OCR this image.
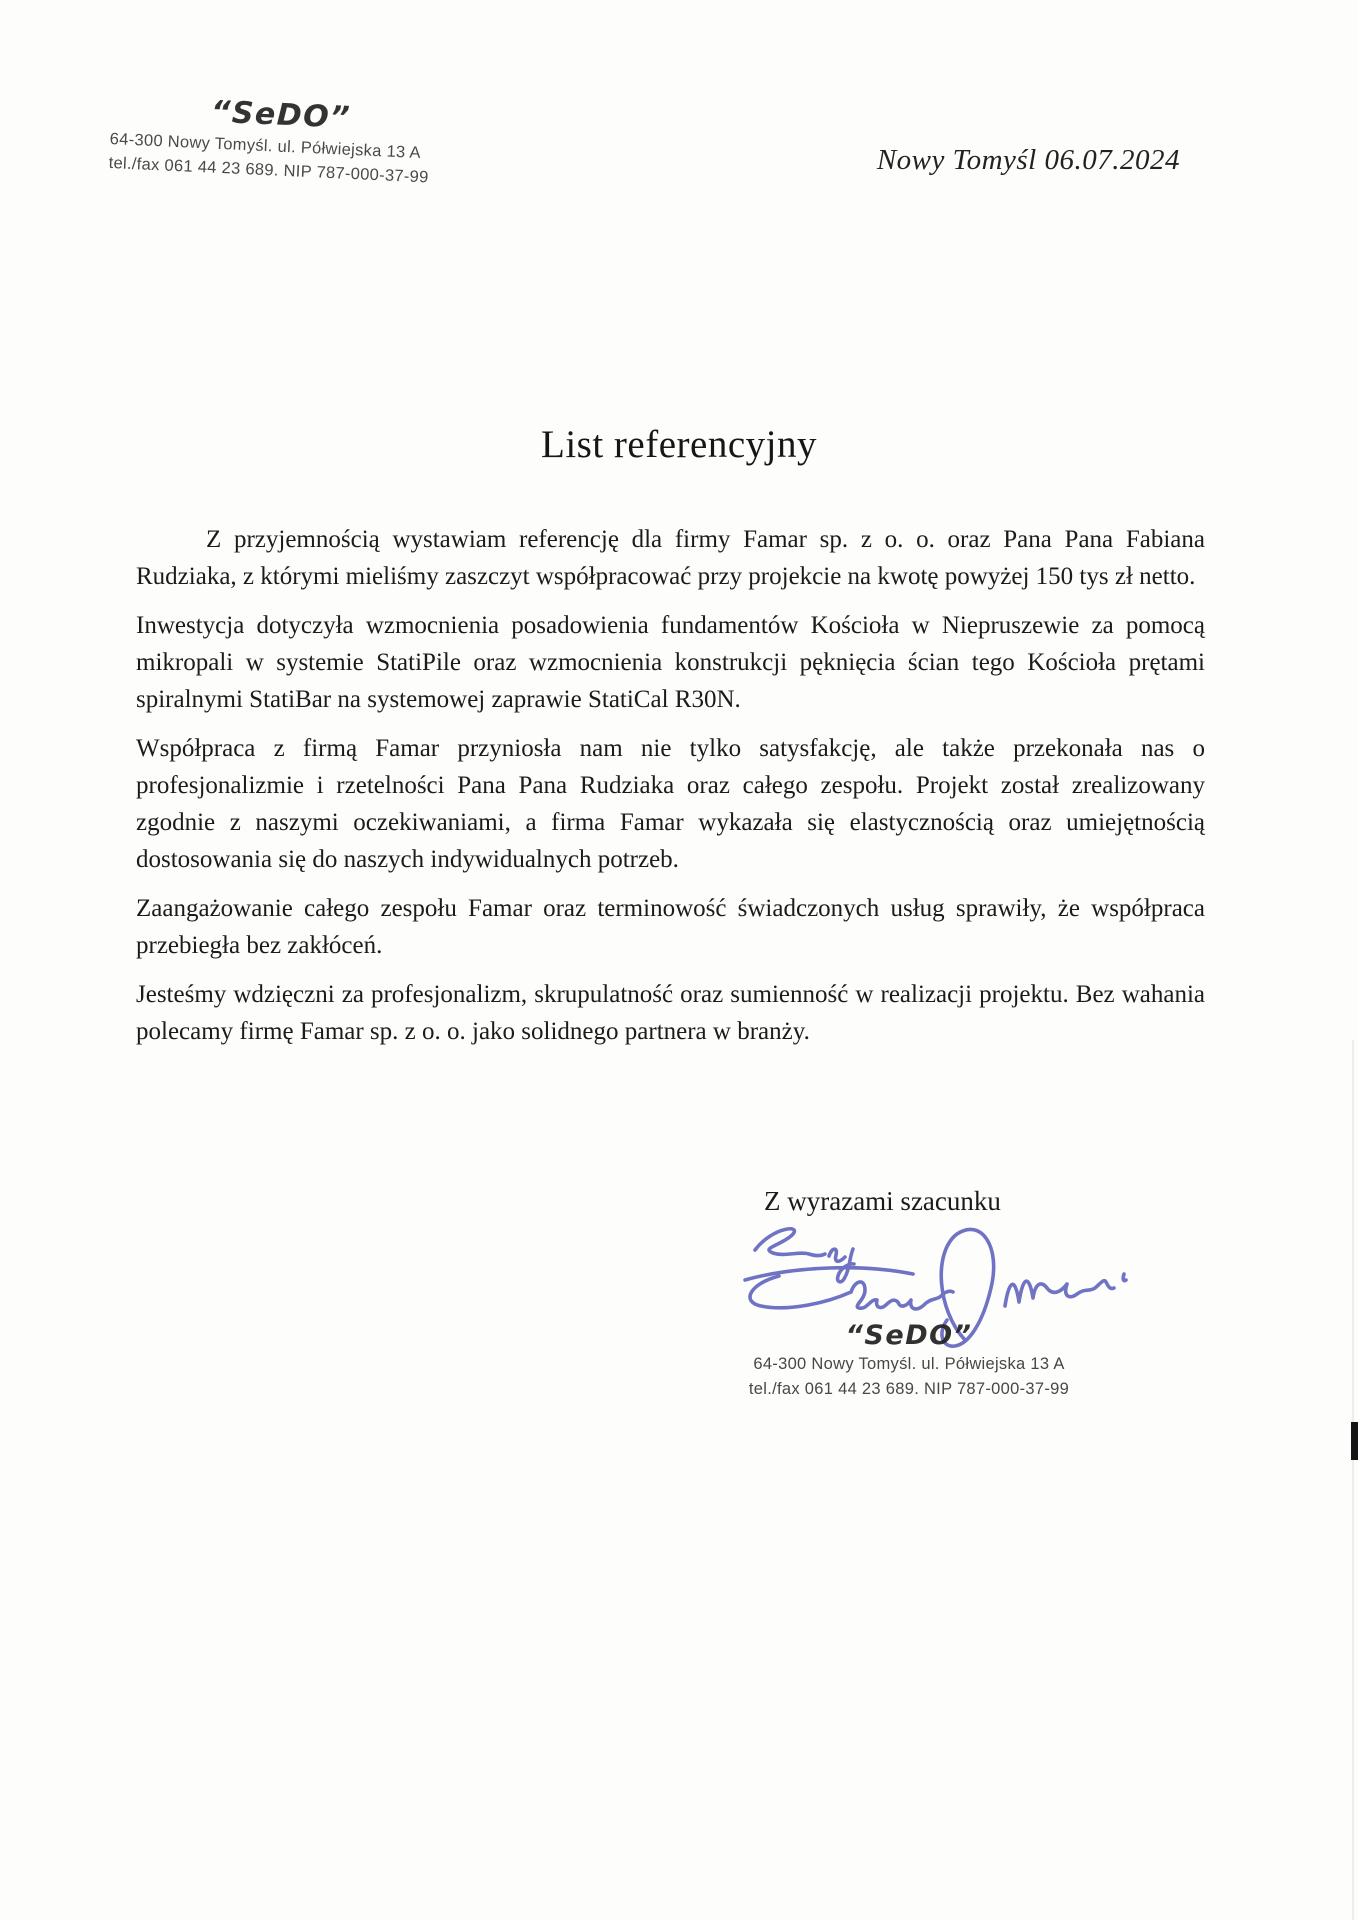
“SeDO”
64-300 Nowy Tomyśl. ul. Półwiejska 13 A
tel./fax 061 44 23 689. NIP 787-000-37-99	Nowy Tomyśl 06.07.2024
List referencyjny

Z przyjemnością wystawiam referencję dla firmy Famar sp. z o. o. oraz Pana Pana Fabiana Rudziaka, z którymi mieliśmy zaszczyt współpracować przy projekcie na kwotę powyżej 150 tys zł netto.

Inwestycja dotyczyła wzmocnienia posadowienia fundamentów Kościoła w Niepruszewie za pomocą mikropali w systemie StatiPile oraz wzmocnienia konstrukcji pęknięcia ścian tego Kościoła prętami spiralnymi StatiBar na systemowej zaprawie StatiCal R30N.

Współpraca z firmą Famar przyniosła nam nie tylko satysfakcję, ale także przekonała nas o profesjonalizmie i rzetelności Pana Pana Rudziaka oraz całego zespołu. Projekt został zrealizowany zgodnie z naszymi oczekiwaniami, a firma Famar wykazała się elastycznością oraz umiejętnością dostosowania się do naszych indywidualnych potrzeb.

Zaangażowanie całego zespołu Famar oraz terminowość świadczonych usług sprawiły, że współpraca przebiegła bez zakłóceń.

Jesteśmy wdzięczni za profesjonalizm, skrupulatność oraz sumienność w realizacji projektu. Bez wahania polecamy firmę Famar sp. z o. o. jako solidnego partnera w branży.

Z wyrazami szacunku
“SeDO”
64-300 Nowy Tomyśl. ul. Półwiejska 13 A
tel./fax 061 44 23 689. NIP 787-000-37-99
